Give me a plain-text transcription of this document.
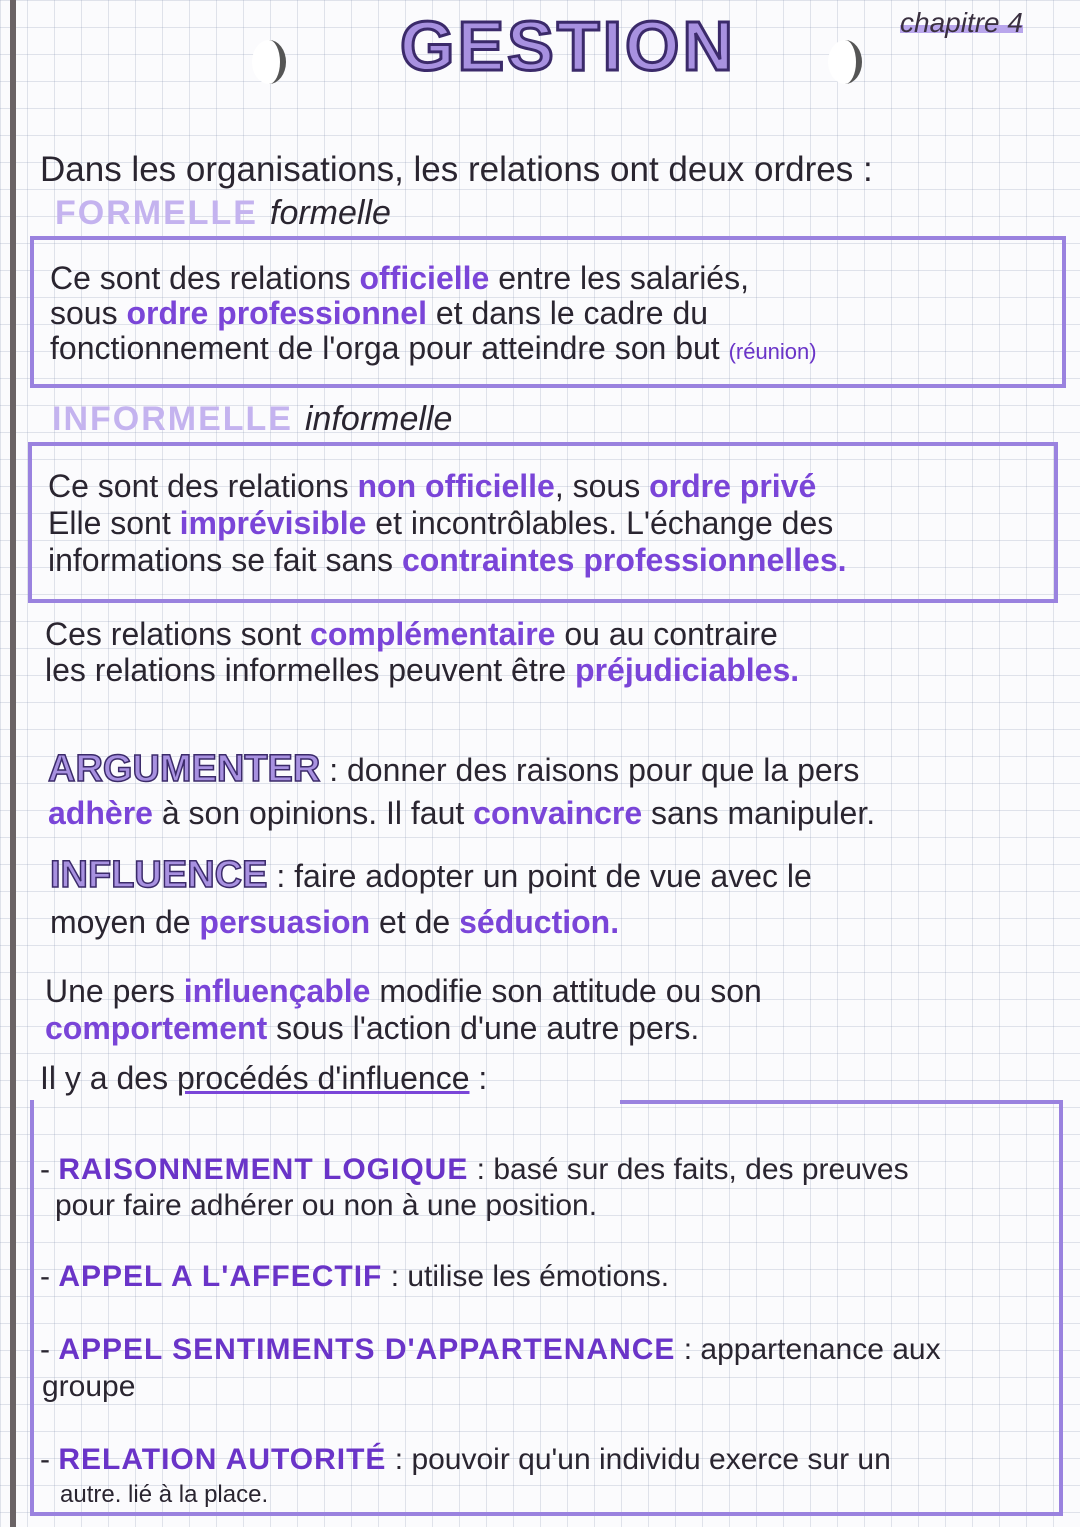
GESTION	chapitre 4
Dans les organisations, les relations ont deux ordres :
FORMELLE formelle
INFORMELLE informelle
Ce sont des relations officielle entre les salariés,
sous ordre professionnel et dans le cadre du
fonctionnement de l'orga pour atteindre son but (réunion)
Ce sont des relations non officielle, sous ordre privé
Elle sont imprévisible et incontrôlables. L'échange des
informations se fait sans contraintes professionnelles.
Ces relations sont complémentaire ou au contraire
les relations informelles peuvent être préjudiciables.
ARGUMENTER : donner des raisons pour que la pers
adhère à son opinions. Il faut convaincre sans manipuler.
INFLUENCE : faire adopter un point de vue avec le
moyen de persuasion et de séduction.
Une pers influençable modifie son attitude ou son
comportement sous l'action d'une autre pers.
Il y a des procédés d'influence :
- RAISONNEMENT LOGIQUE : basé sur des faits, des preuves
pour faire adhérer ou non à une position.
- APPEL A L'AFFECTIF : utilise les émotions.
- APPEL SENTIMENTS D'APPARTENANCE : appartenance aux
groupe
- RELATION AUTORITÉ : pouvoir qu'un individu exerce sur un
autre. lié à la place.
